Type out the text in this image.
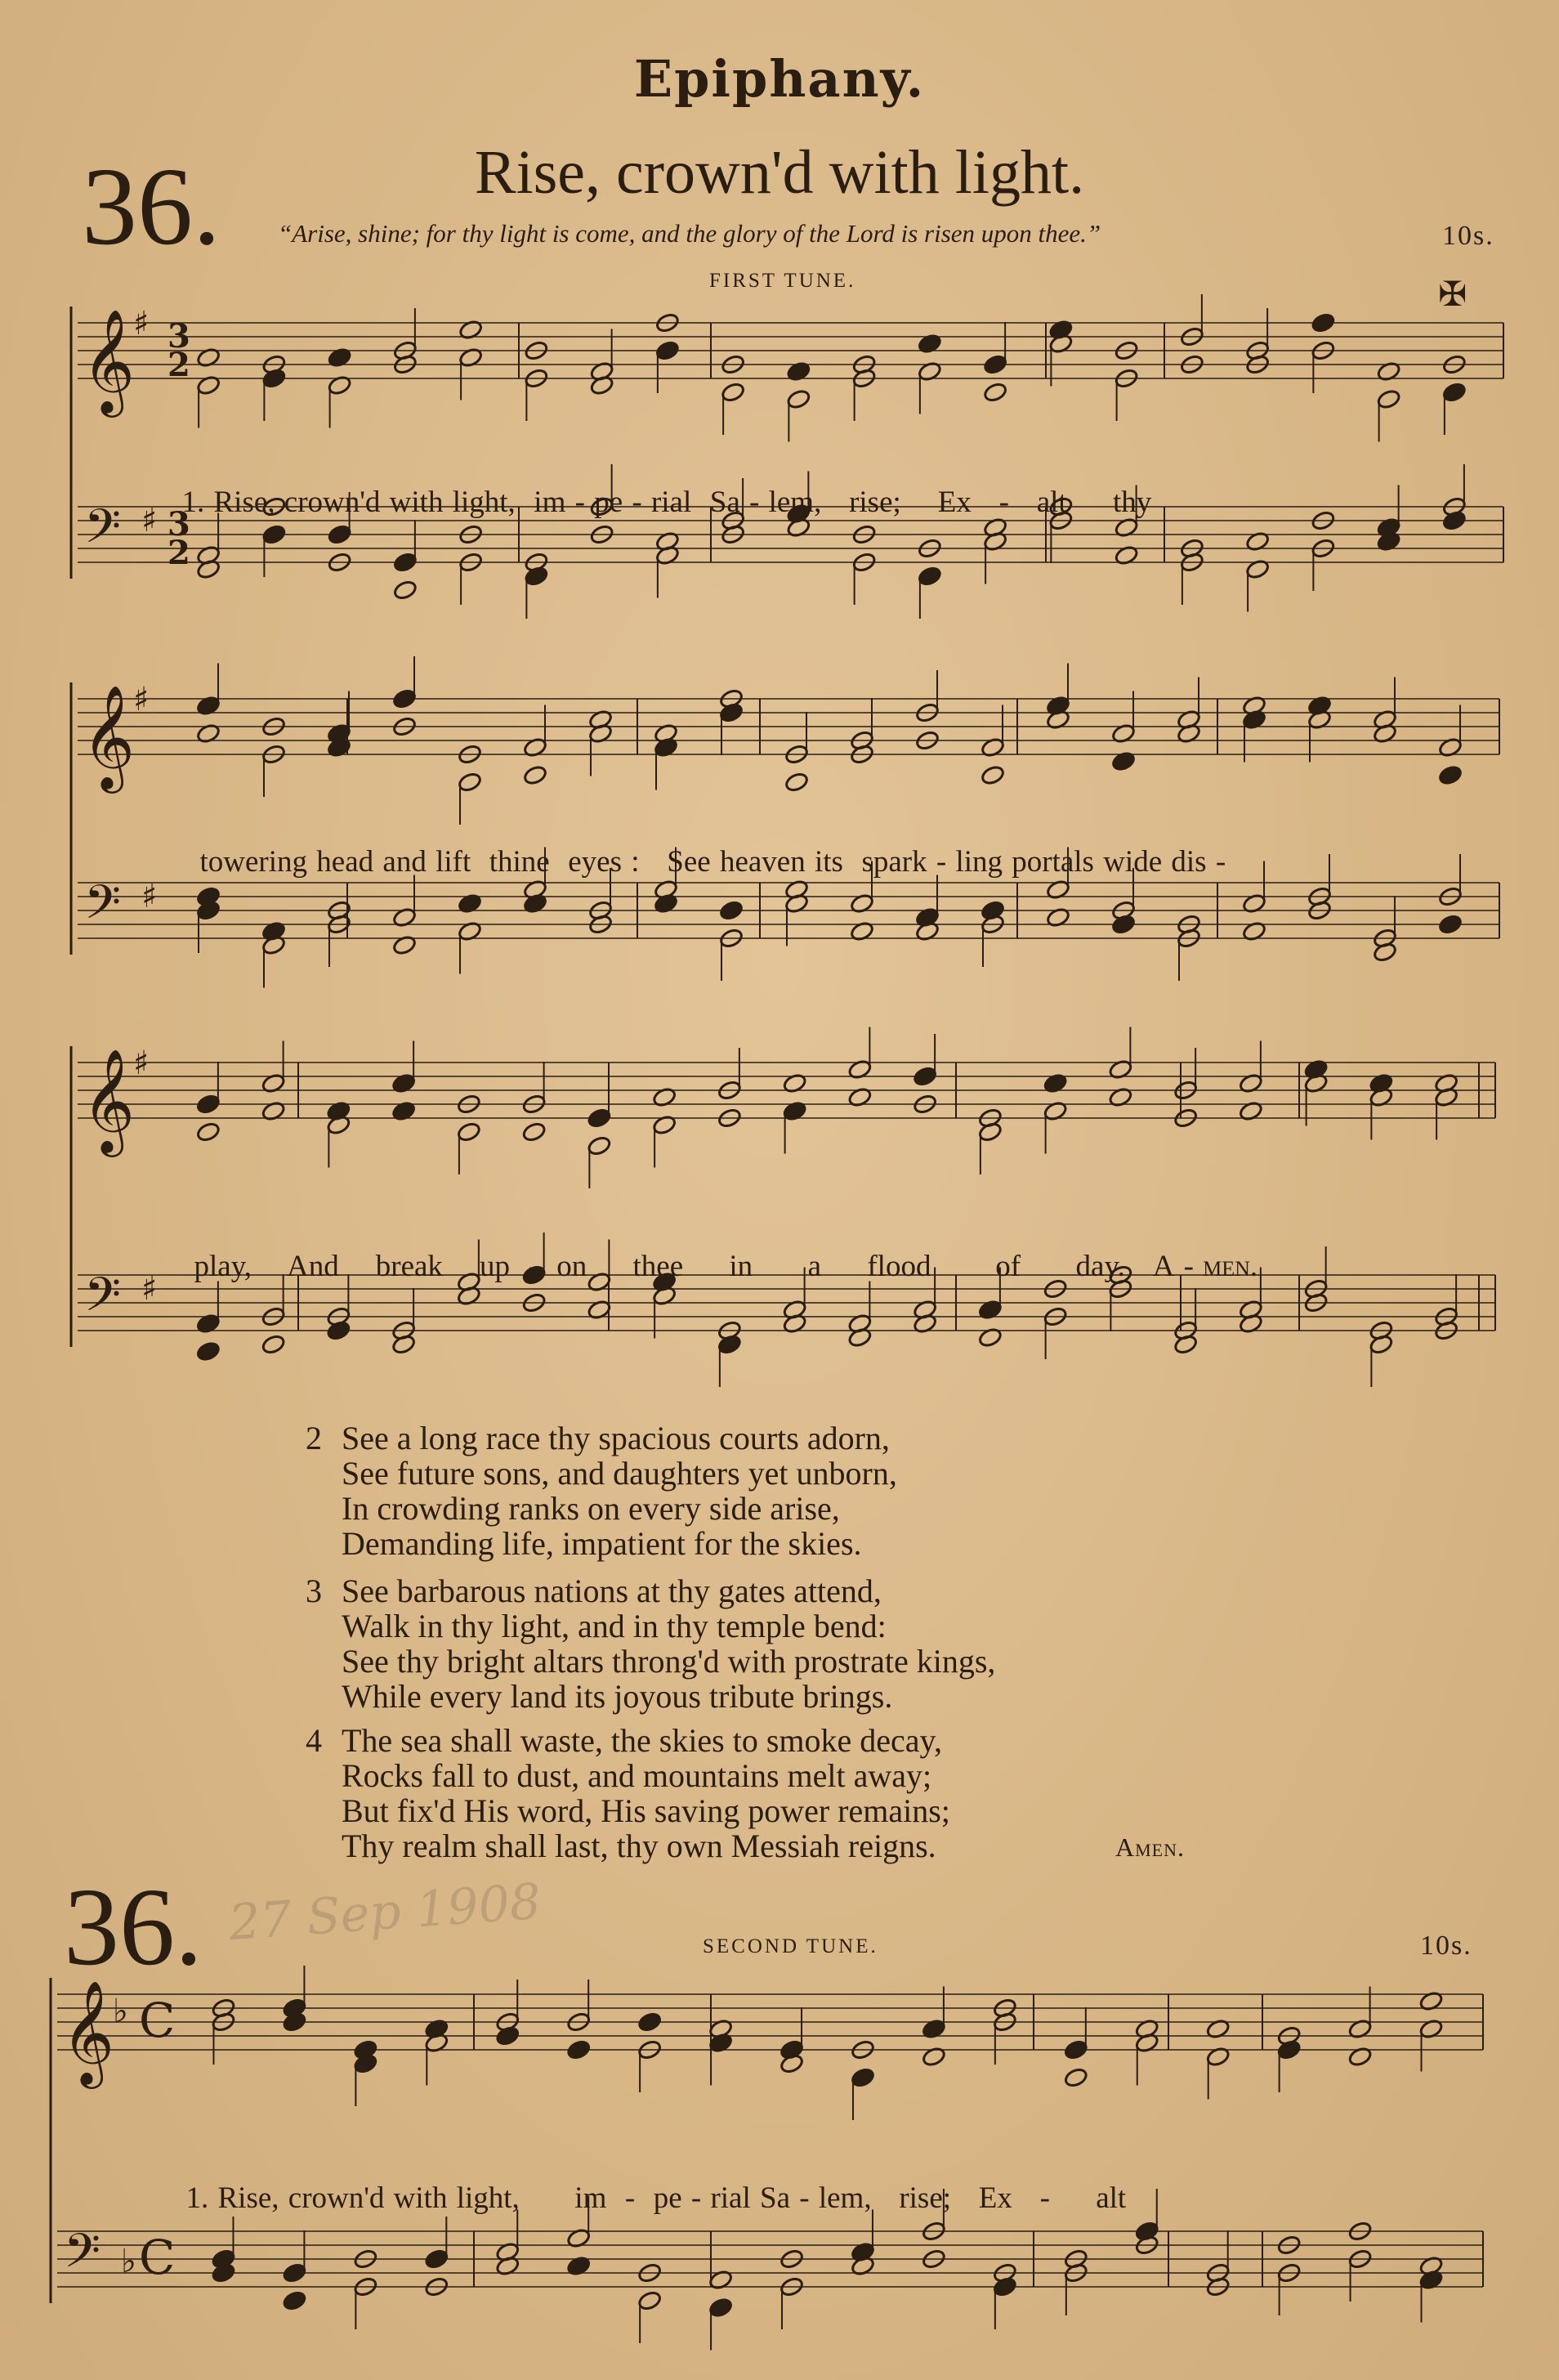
Epiphany.
36.	Rise, crown'd with light.
“Arise, shine; for thy light is come, and the glory of the Lord is risen upon thee.”	10s.
FIRST TUNE.	✠
𝄞
𝄢
♯
♯
𝄞
𝄢
♯
♯
𝄞
𝄢
♯
♯
3
2
3
2
𝄞
𝄢
♭
♭
C
C

1. Rise, crown'd with light, im - pe - rial Sa - lem, rise; Ex - alt thy

towering head and lift thine eyes : See heaven its spark - ling portals wide dis -

play, And break up - on thee in a flood of day. A - men.

2 See a long race thy spacious courts adorn,
See future sons, and daughters yet unborn,
In crowding ranks on every side arise,
Demanding life, impatient for the skies.
3 See barbarous nations at thy gates attend,
Walk in thy light, and in thy temple bend:
See thy bright altars throng'd with prostrate kings,
While every land its joyous tribute brings.
4 The sea shall waste, the skies to smoke decay,
Rocks fall to dust, and mountains melt away;
But fix'd His word, His saving power remains;
Thy realm shall last, thy own Messiah reigns.	Amen.
36. 27 Sep 1908	SECOND TUNE.	10s.

1. Rise, crown'd with light, im - pe - rial Sa - lem, rise; Ex - alt
